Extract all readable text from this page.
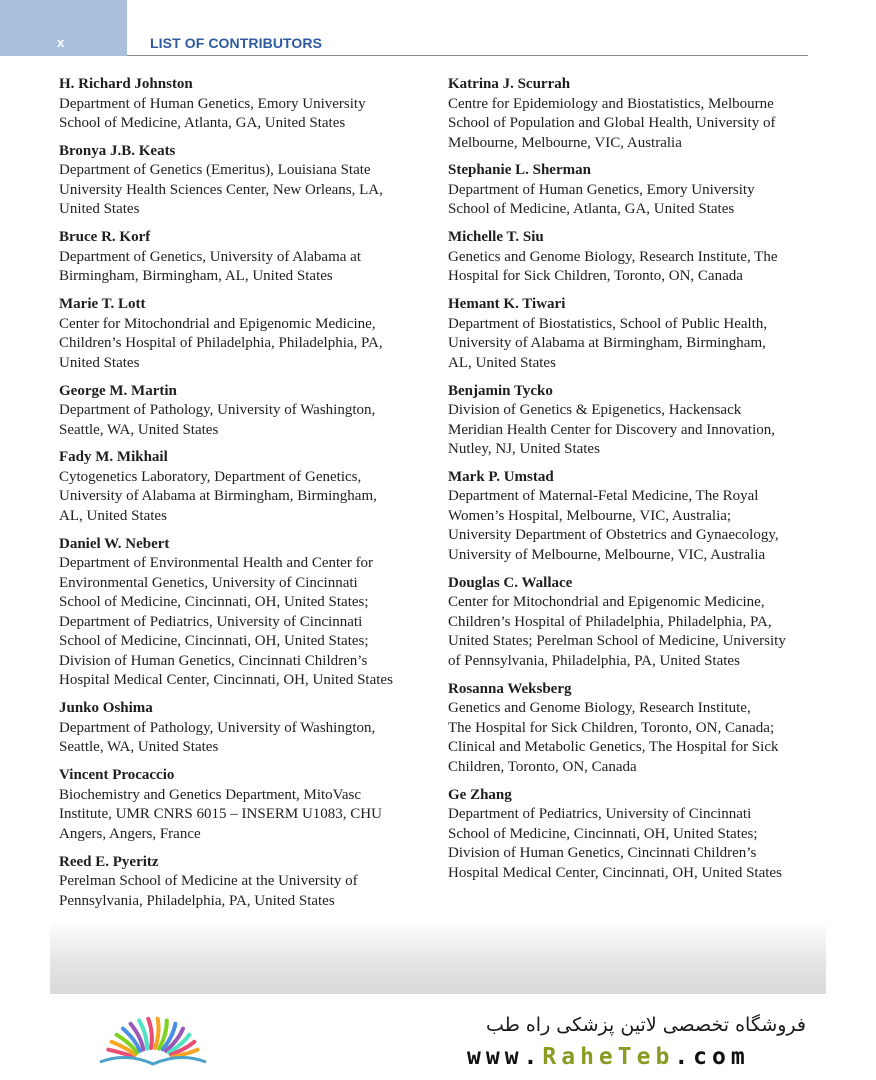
x	LIST OF CONTRIBUTORS
H. Richard Johnston
Department of Human Genetics, Emory University
School of Medicine, Atlanta, GA, United States
Bronya J.B. Keats
Department of Genetics (Emeritus), Louisiana State
University Health Sciences Center, New Orleans, LA,
United States
Bruce R. Korf
Department of Genetics, University of Alabama at
Birmingham, Birmingham, AL, United States
Marie T. Lott
Center for Mitochondrial and Epigenomic Medicine,
Children’s Hospital of Philadelphia, Philadelphia, PA,
United States
George M. Martin
Department of Pathology, University of Washington,
Seattle, WA, United States
Fady M. Mikhail
Cytogenetics Laboratory, Department of Genetics,
University of Alabama at Birmingham, Birmingham,
AL, United States
Daniel W. Nebert
Department of Environmental Health and Center for
Environmental Genetics, University of Cincinnati
School of Medicine, Cincinnati, OH, United States;
Department of Pediatrics, University of Cincinnati
School of Medicine, Cincinnati, OH, United States;
Division of Human Genetics, Cincinnati Children’s
Hospital Medical Center, Cincinnati, OH, United States
Junko Oshima
Department of Pathology, University of Washington,
Seattle, WA, United States
Vincent Procaccio
Biochemistry and Genetics Department, MitoVasc
Institute, UMR CNRS 6015 – INSERM U1083, CHU
Angers, Angers, France
Reed E. Pyeritz
Perelman School of Medicine at the University of
Pennsylvania, Philadelphia, PA, United States
Katrina J. Scurrah
Centre for Epidemiology and Biostatistics, Melbourne
School of Population and Global Health, University of
Melbourne, Melbourne, VIC, Australia
Stephanie L. Sherman
Department of Human Genetics, Emory University
School of Medicine, Atlanta, GA, United States
Michelle T. Siu
Genetics and Genome Biology, Research Institute, The
Hospital for Sick Children, Toronto, ON, Canada
Hemant K. Tiwari
Department of Biostatistics, School of Public Health,
University of Alabama at Birmingham, Birmingham,
AL, United States
Benjamin Tycko
Division of Genetics & Epigenetics, Hackensack
Meridian Health Center for Discovery and Innovation,
Nutley, NJ, United States
Mark P. Umstad
Department of Maternal-Fetal Medicine, The Royal
Women’s Hospital, Melbourne, VIC, Australia;
University Department of Obstetrics and Gynaecology,
University of Melbourne, Melbourne, VIC, Australia
Douglas C. Wallace
Center for Mitochondrial and Epigenomic Medicine,
Children’s Hospital of Philadelphia, Philadelphia, PA,
United States; Perelman School of Medicine, University
of Pennsylvania, Philadelphia, PA, United States
Rosanna Weksberg
Genetics and Genome Biology, Research Institute,
The Hospital for Sick Children, Toronto, ON, Canada;
Clinical and Metabolic Genetics, The Hospital for Sick
Children, Toronto, ON, Canada
Ge Zhang
Department of Pediatrics, University of Cincinnati
School of Medicine, Cincinnati, OH, United States;
Division of Human Genetics, Cincinnati Children’s
Hospital Medical Center, Cincinnati, OH, United States
فروشگاه تخصصی لاتین پزشکی راه طب
www.RaheTeb.com
